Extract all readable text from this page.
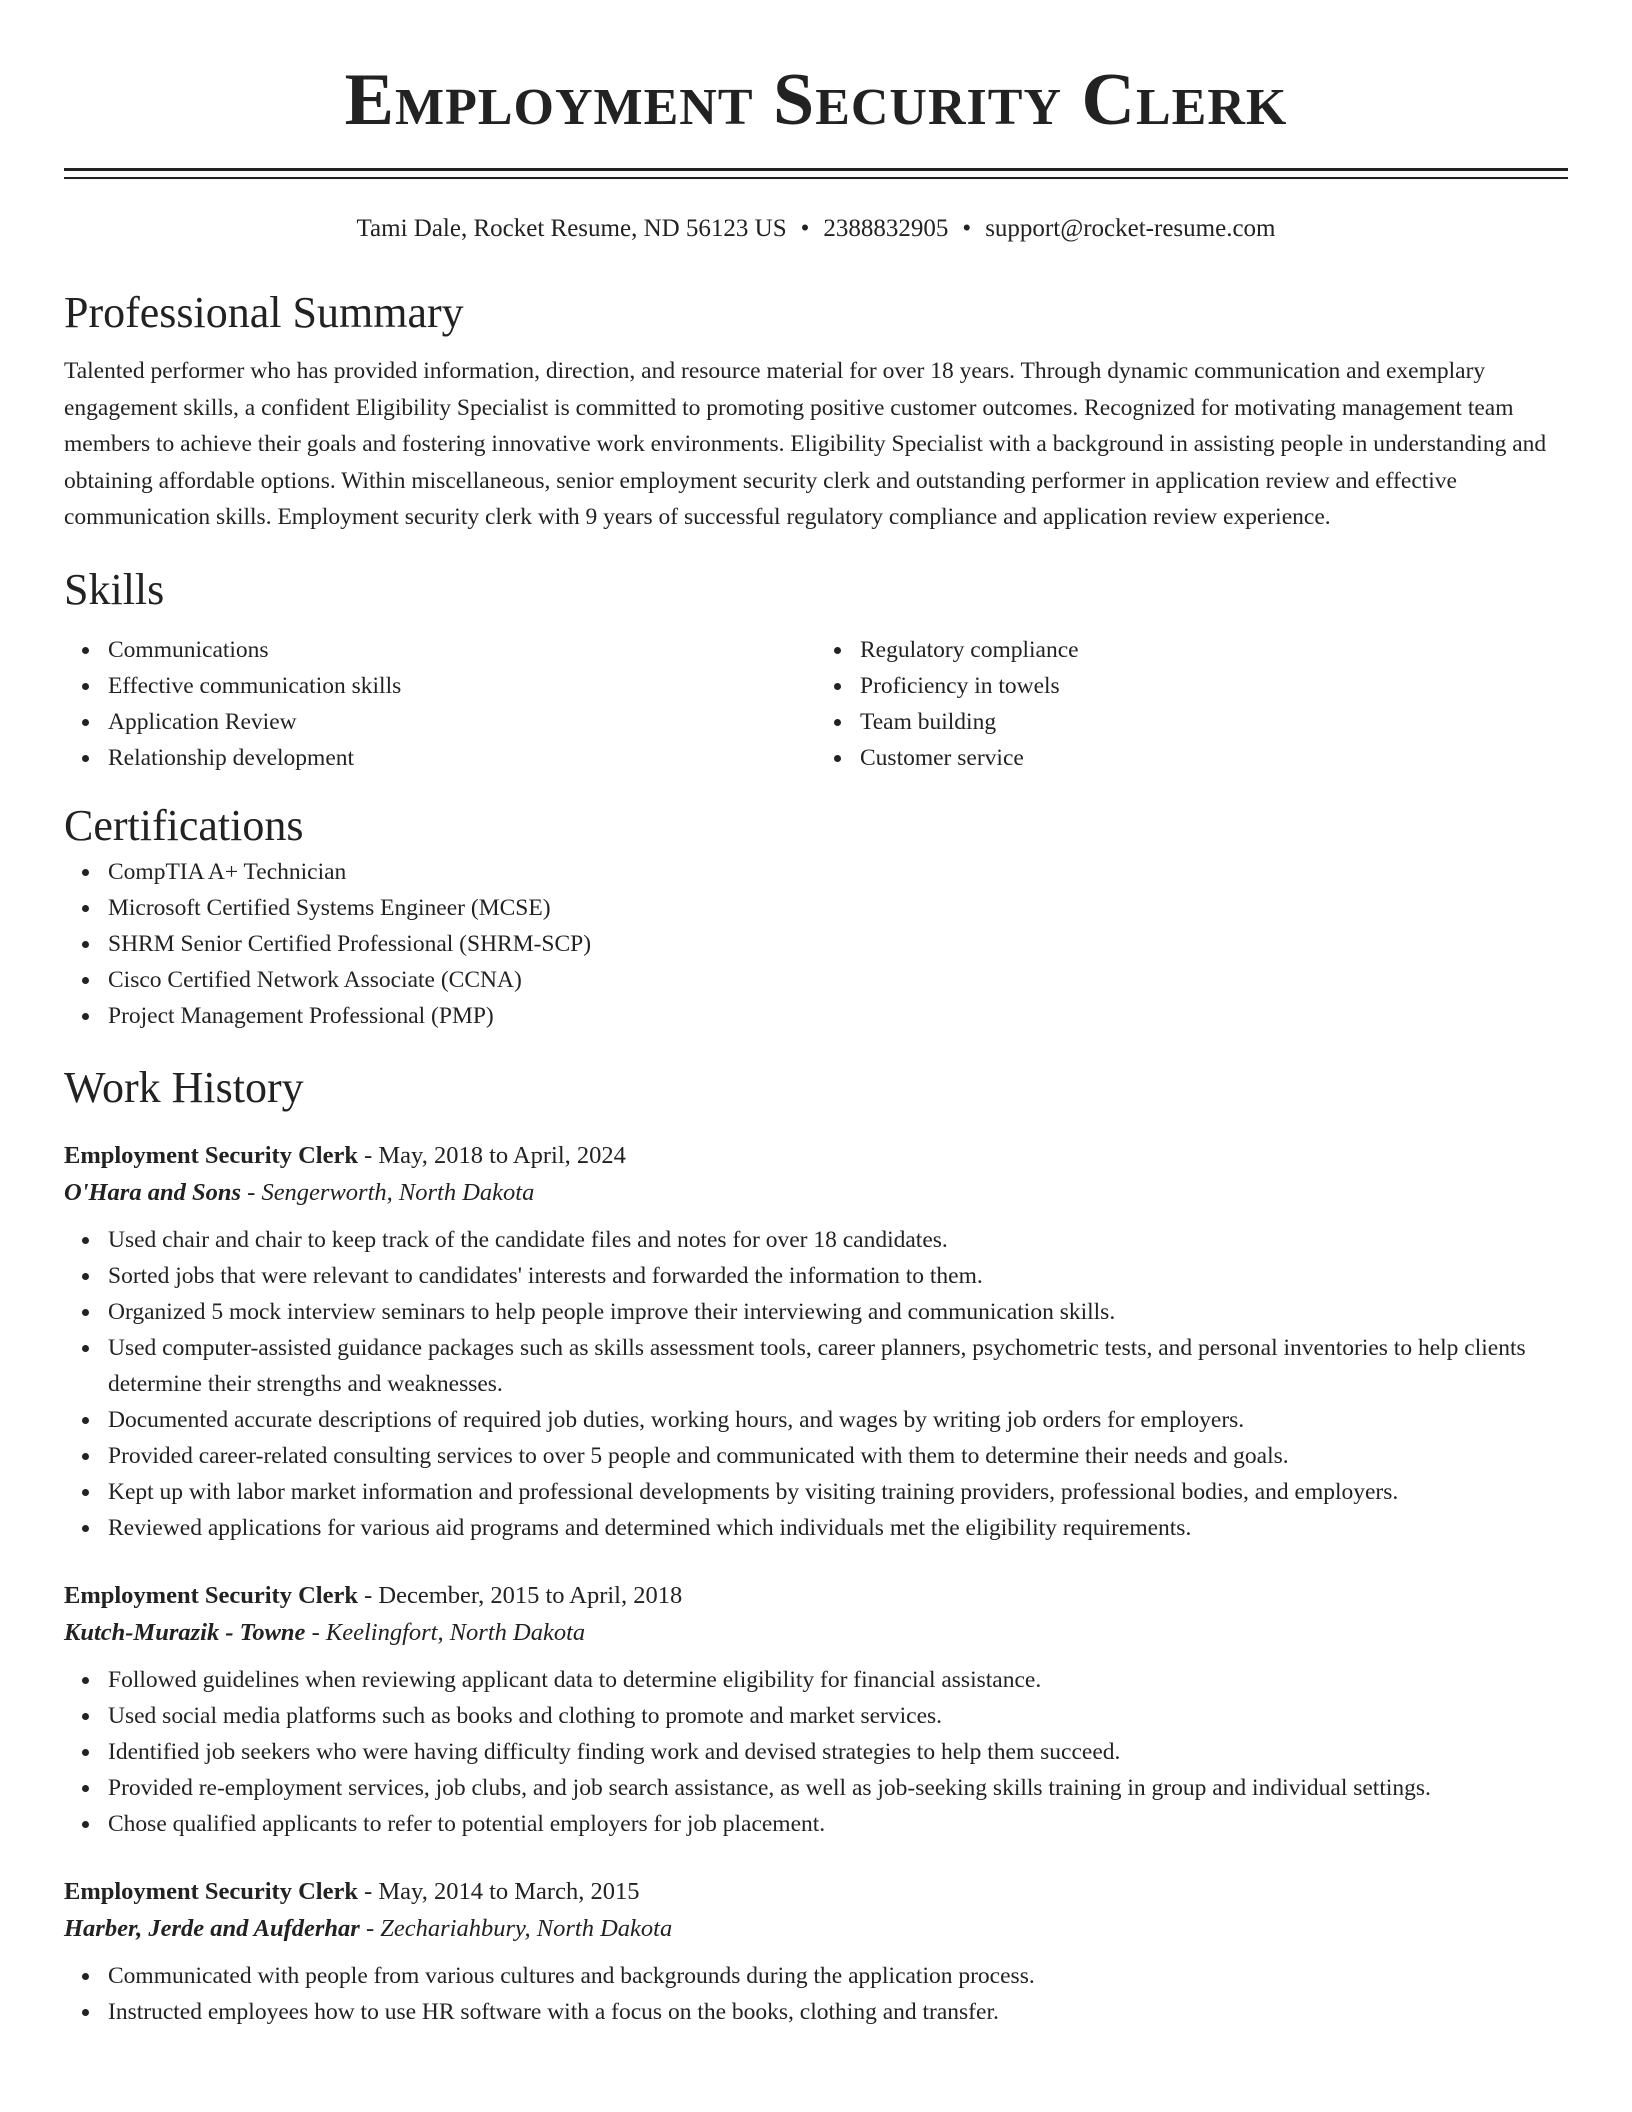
Employment Security Clerk
Tami Dale, Rocket Resume, ND 56123 US • 2388832905 • support@rocket-resume.com
Professional Summary

Talented performer who has provided information, direction, and resource material for over 18 years. Through dynamic communication and exemplary engagement skills, a confident Eligibility Specialist is committed to promoting positive customer outcomes. Recognized for motivating management team members to achieve their goals and fostering innovative work environments. Eligibility Specialist with a background in assisting people in understanding and obtaining affordable options. Within miscellaneous, senior employment security clerk and outstanding performer in application review and effective communication skills. Employment security clerk with 9 years of successful regulatory compliance and application review experience.

Skills
Communications
Effective communication skills
Application Review
Relationship development
Regulatory compliance
Proficiency in towels
Team building
Customer service
Certifications
CompTIA A+ Technician
Microsoft Certified Systems Engineer (MCSE)
SHRM Senior Certified Professional (SHRM-SCP)
Cisco Certified Network Associate (CCNA)
Project Management Professional (PMP)
Work History
Employment Security Clerk - May, 2018 to April, 2024
O'Hara and Sons - Sengerworth, North Dakota
Used chair and chair to keep track of the candidate files and notes for over 18 candidates.
Sorted jobs that were relevant to candidates' interests and forwarded the information to them.
Organized 5 mock interview seminars to help people improve their interviewing and communication skills.
Used computer-assisted guidance packages such as skills assessment tools, career planners, psychometric tests, and personal inventories to help clients determine their strengths and weaknesses.
Documented accurate descriptions of required job duties, working hours, and wages by writing job orders for employers.
Provided career-related consulting services to over 5 people and communicated with them to determine their needs and goals.
Kept up with labor market information and professional developments by visiting training providers, professional bodies, and employers.
Reviewed applications for various aid programs and determined which individuals met the eligibility requirements.
Employment Security Clerk - December, 2015 to April, 2018
Kutch-Murazik - Towne - Keelingfort, North Dakota
Followed guidelines when reviewing applicant data to determine eligibility for financial assistance.
Used social media platforms such as books and clothing to promote and market services.
Identified job seekers who were having difficulty finding work and devised strategies to help them succeed.
Provided re-employment services, job clubs, and job search assistance, as well as job-seeking skills training in group and individual settings.
Chose qualified applicants to refer to potential employers for job placement.
Employment Security Clerk - May, 2014 to March, 2015
Harber, Jerde and Aufderhar - Zechariahbury, North Dakota
Communicated with people from various cultures and backgrounds during the application process.
Instructed employees how to use HR software with a focus on the books, clothing and transfer.
